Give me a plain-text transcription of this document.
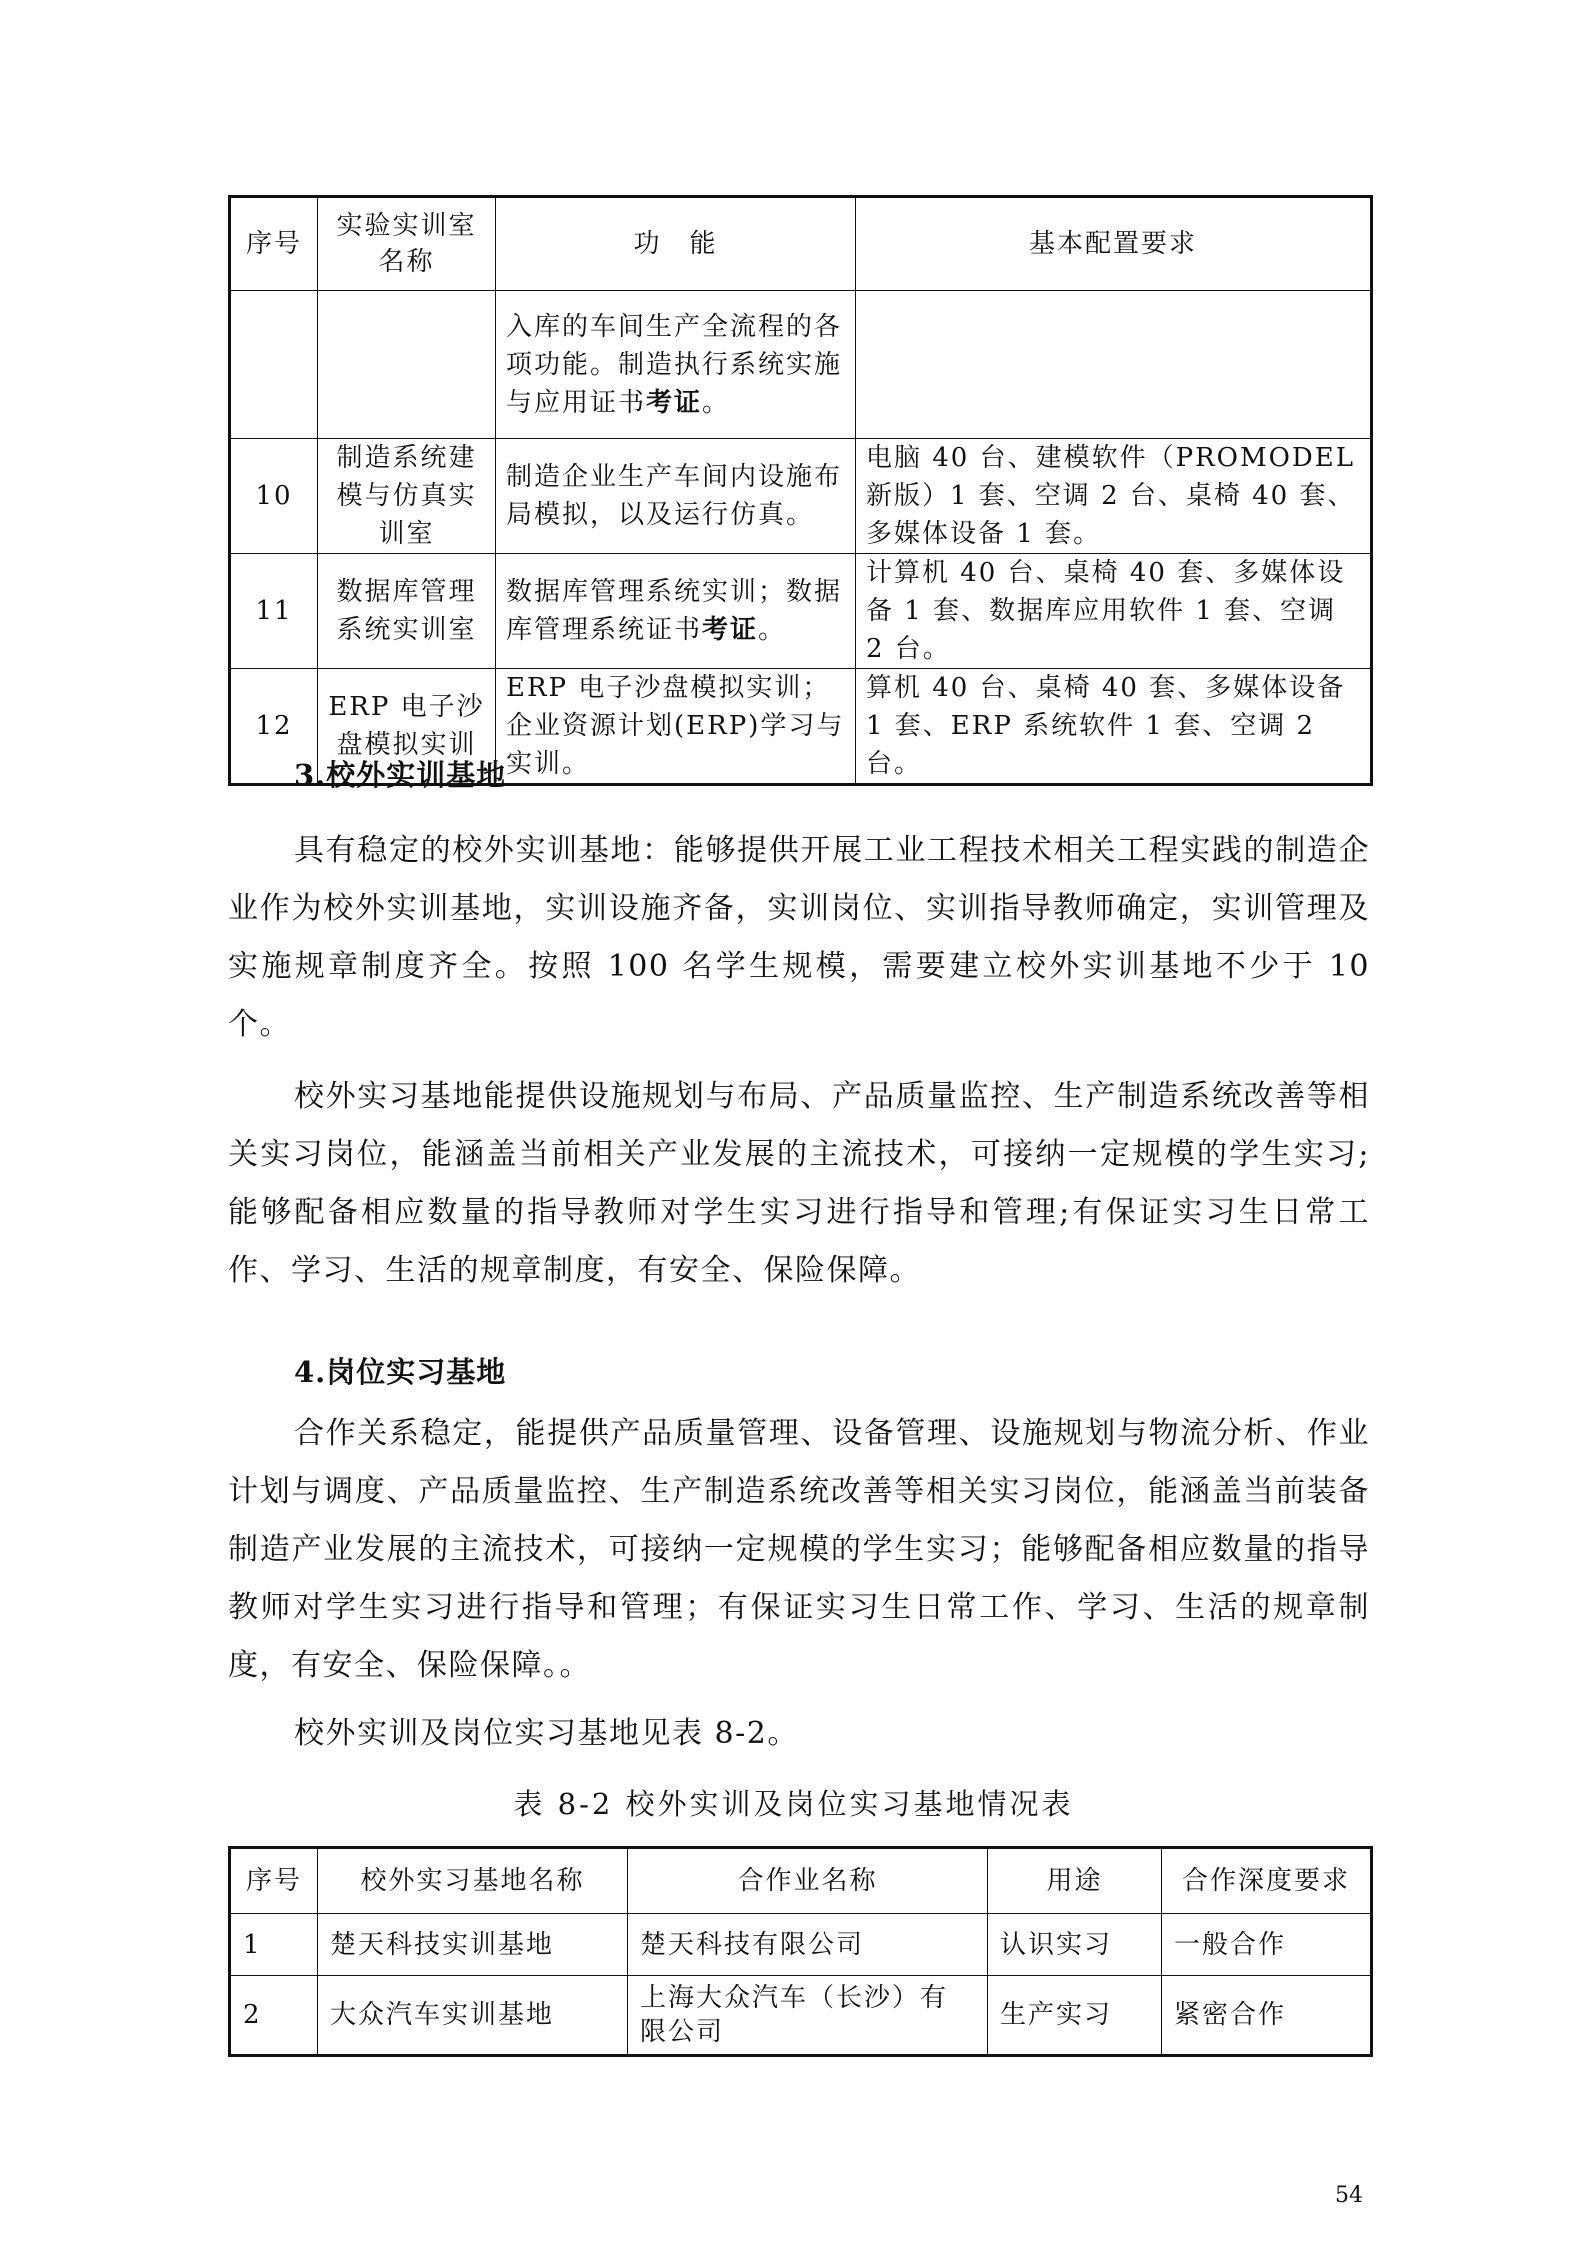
序号	实验实训室名称	功　能	基本配置要求
		入库的车间生产全流程的各项功能。制造执行系统实施与应用证书考证。	
10	制造系统建模与仿真实训室	制造企业生产车间内设施布局模拟，以及运行仿真。	电脑 40 台、建模软件（PROMODEL 新版）1 套、空调 2 台、桌椅 40 套、多媒体设备 1 套。
11	数据库管理系统实训室	数据库管理系统实训；数据库管理系统证书考证。	计算机 40 台、桌椅 40 套、多媒体设备 1 套、数据库应用软件 1 套、空调 2 台。
12	ERP 电子沙盘模拟实训	ERP 电子沙盘模拟实训；企业资源计划(ERP)学习与实训。	算机 40 台、桌椅 40 套、多媒体设备 1 套、ERP 系统软件 1 套、空调 2 台。
3.校外实训基地

具有稳定的校外实训基地：能够提供开展工业工程技术相关工程实践的制造企业作为校外实训基地，实训设施齐备，实训岗位、实训指导教师确定，实训管理及实施规章制度齐全。按照 100 名学生规模，需要建立校外实训基地不少于 10 个。

校外实习基地能提供设施规划与布局、产品质量监控、生产制造系统改善等相关实习岗位，能涵盖当前相关产业发展的主流技术，可接纳一定规模的学生实习;能够配备相应数量的指导教师对学生实习进行指导和管理;有保证实习生日常工作、学习、生活的规章制度，有安全、保险保障。

4.岗位实习基地

合作关系稳定，能提供产品质量管理、设备管理、设施规划与物流分析、作业计划与调度、产品质量监控、生产制造系统改善等相关实习岗位，能涵盖当前装备制造产业发展的主流技术，可接纳一定规模的学生实习；能够配备相应数量的指导教师对学生实习进行指导和管理；有保证实习生日常工作、学习、生活的规章制度，有安全、保险保障。。

校外实训及岗位实习基地见表 8-2。

表 8-2 校外实训及岗位实习基地情况表
序号	校外实习基地名称	合作业名称	用途	合作深度要求
1	楚天科技实训基地	楚天科技有限公司	认识实习	一般合作
2	大众汽车实训基地	上海大众汽车（长沙）有限公司	生产实习	紧密合作
54
